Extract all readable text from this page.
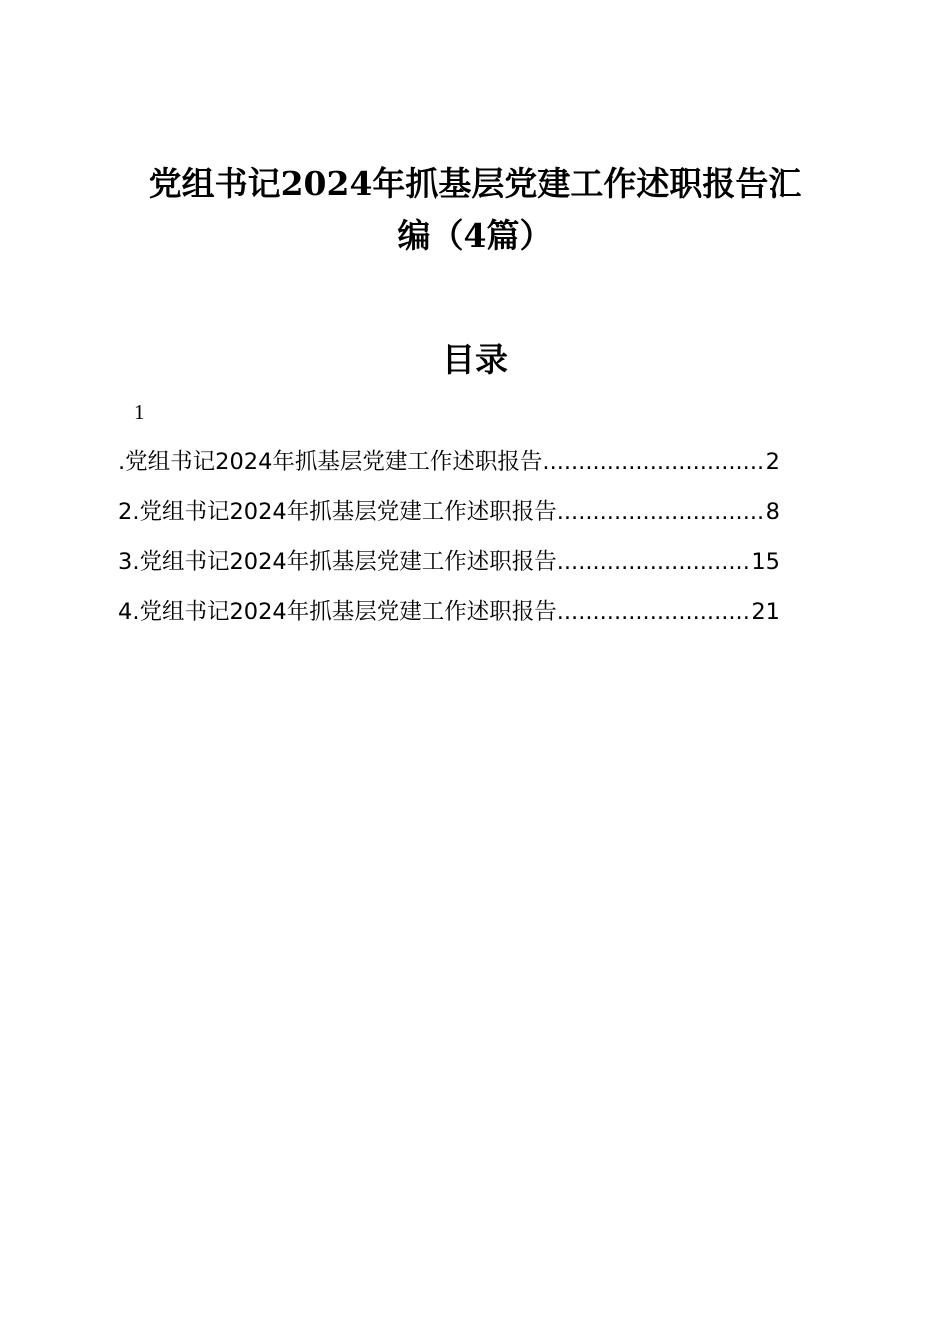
党组书记2024年抓基层党建工作述职报告汇
编（4篇）
目录
1
.党组书记2024年抓基层党建工作述职报告 .....	2
2.党组书记2024年抓基层党建工作述职报告 .....	8
3.党组书记2024年抓基层党建工作述职报告 .....	15
4.党组书记2024年抓基层党建工作述职报告 .....	21
